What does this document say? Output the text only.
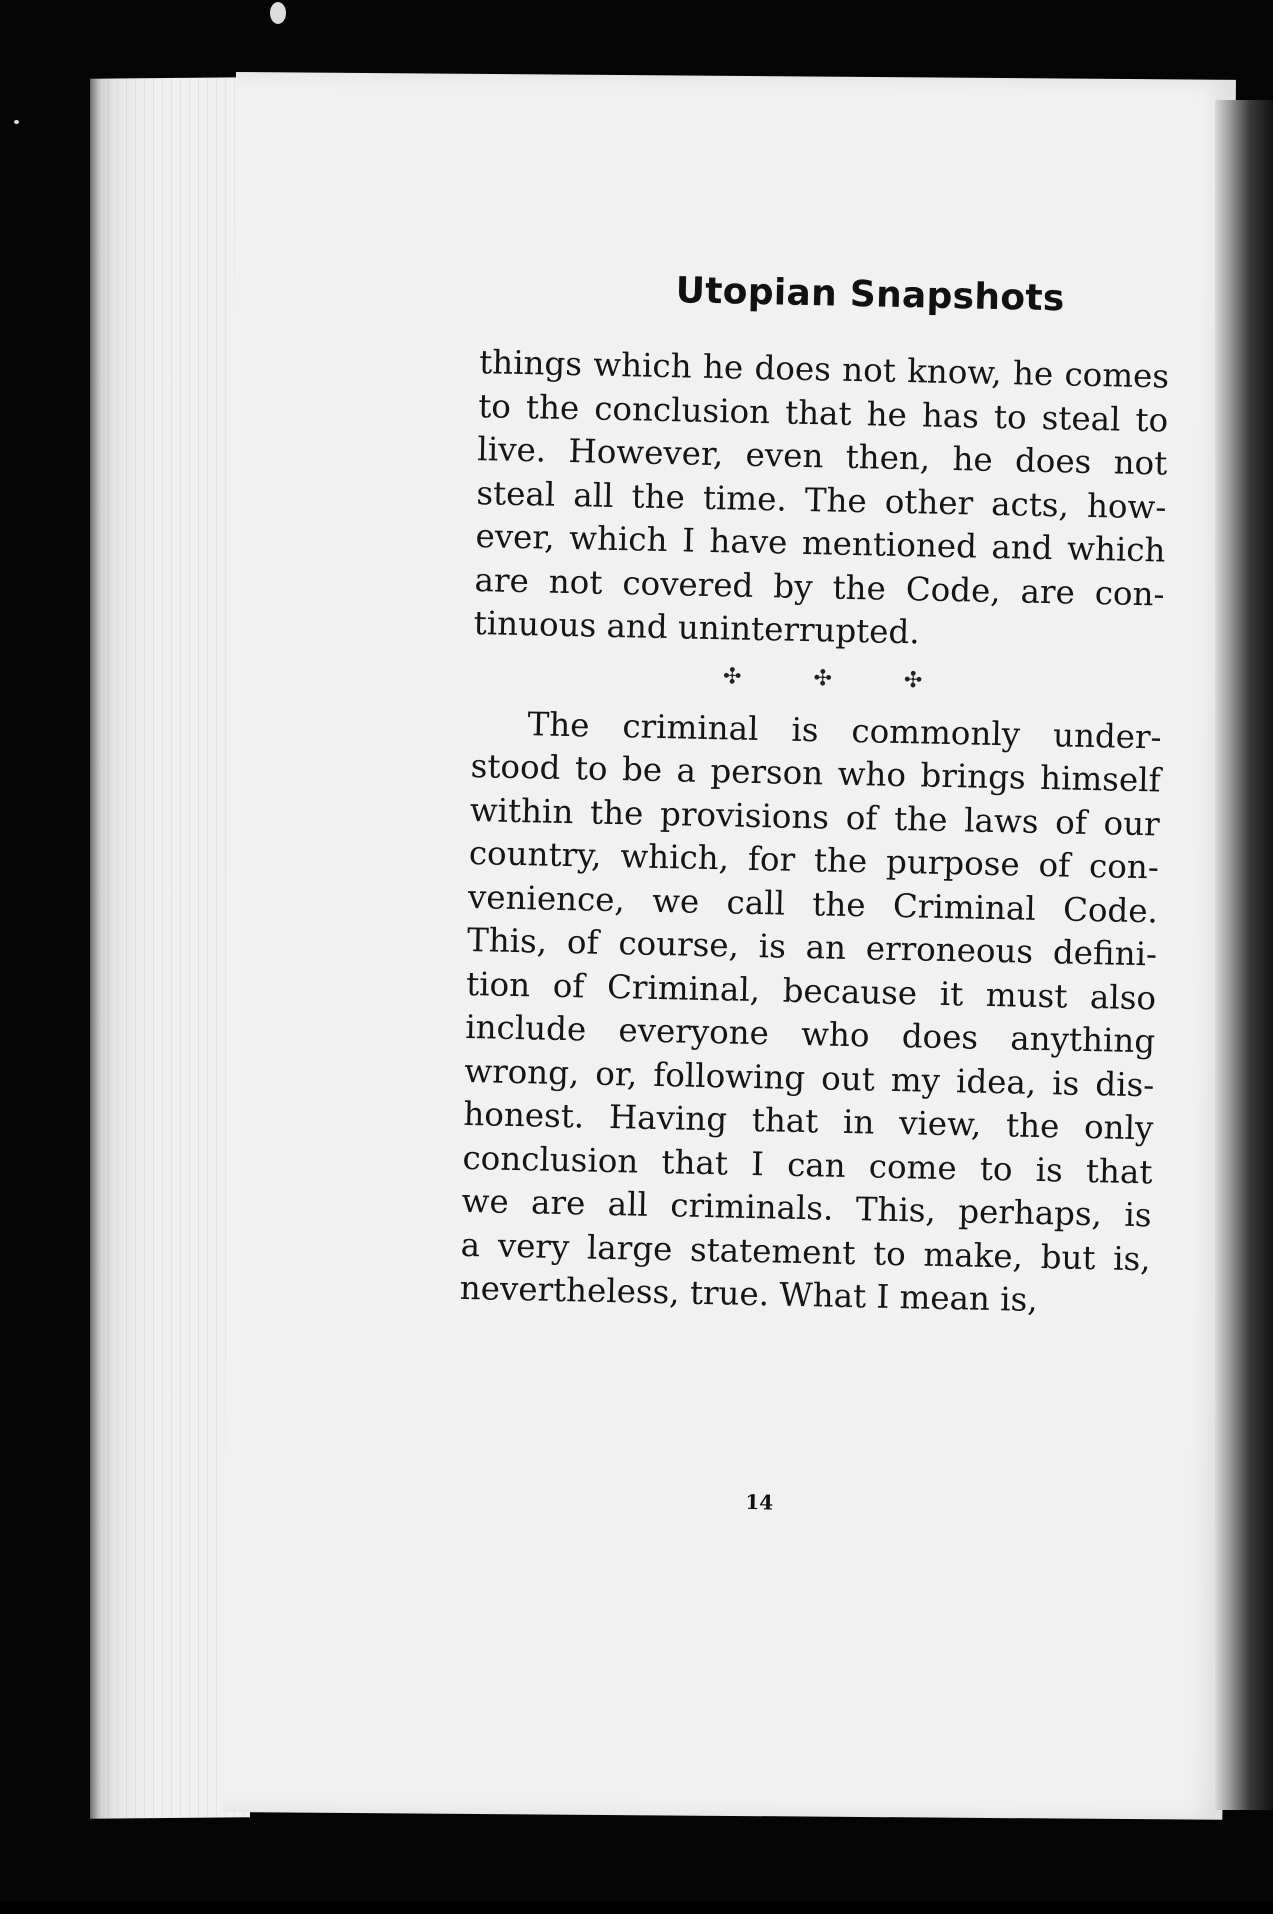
Utopian Snapshots
things which he does not know, he comes
to the conclusion that he has to steal to
live. However, even then, he does not
steal all the time. The other acts, how-
ever, which I have mentioned and which
are not covered by the Code, are con-
tinuous and uninterrupted.
✣	✣	✣
The criminal is commonly under-
stood to be a person who brings himself
within the provisions of the laws of our
country, which, for the purpose of con-
venience, we call the Criminal Code.
This, of course, is an erroneous defini-
tion of Criminal, because it must also
include everyone who does anything
wrong, or, following out my idea, is dis-
honest. Having that in view, the only
conclusion that I can come to is that
we are all criminals. This, perhaps, is
a very large statement to make, but is,
nevertheless, true. What I mean is,
14
